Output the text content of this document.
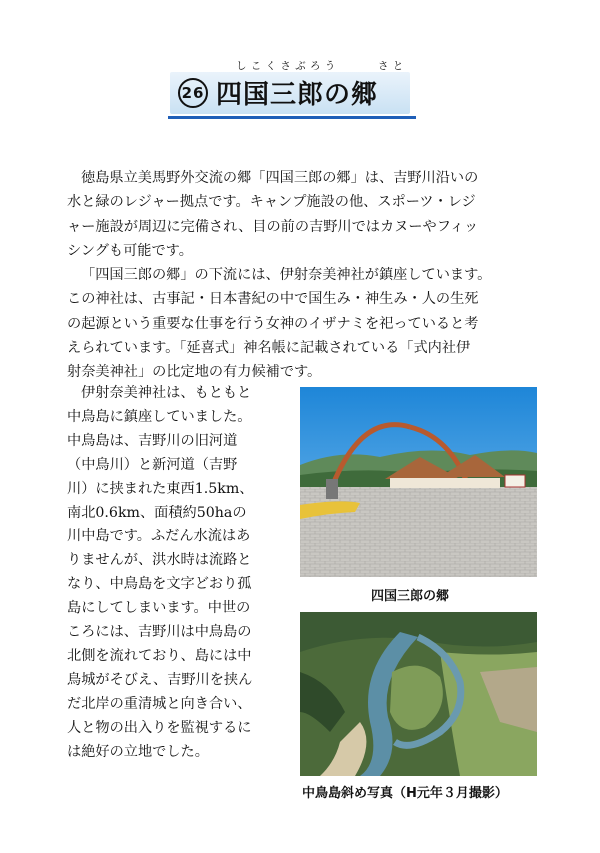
しこくさぶろう	さと
26 四国三郎の郷

徳島県立美馬野外交流の郷「四国三郎の郷」は、吉野川沿いの
水と緑のレジャー拠点です。キャンプ施設の他、スポーツ・レジ
ャー施設が周辺に完備され、目の前の吉野川ではカヌーやフィッ
シングも可能です。

「四国三郎の郷」の下流には、伊射奈美神社が鎮座しています。
この神社は、古事記・日本書紀の中で国生み・神生み・人の生死
の起源という重要な仕事を行う女神のイザナミを祀っていると考
えられています。「延喜式」神名帳に記載されている「式内社伊
射奈美神社」の比定地の有力候補です。

伊射奈美神社は、もともと
中鳥島に鎮座していました。
中鳥島は、吉野川の旧河道
（中鳥川）と新河道（吉野
川）に挟まれた東西1.5km、
南北0.6km、面積約50haの
川中島です。ふだん水流はあ
りませんが、洪水時は流路と
なり、中鳥島を文字どおり孤
島にしてしまいます。中世の
ころには、吉野川は中鳥島の
北側を流れており、島には中
鳥城がそびえ、吉野川を挟ん
だ北岸の重清城と向き合い、
人と物の出入りを監視するに
は絶好の立地でした。
四国三郎の郷
中鳥島斜め写真（H元年３月撮影）
